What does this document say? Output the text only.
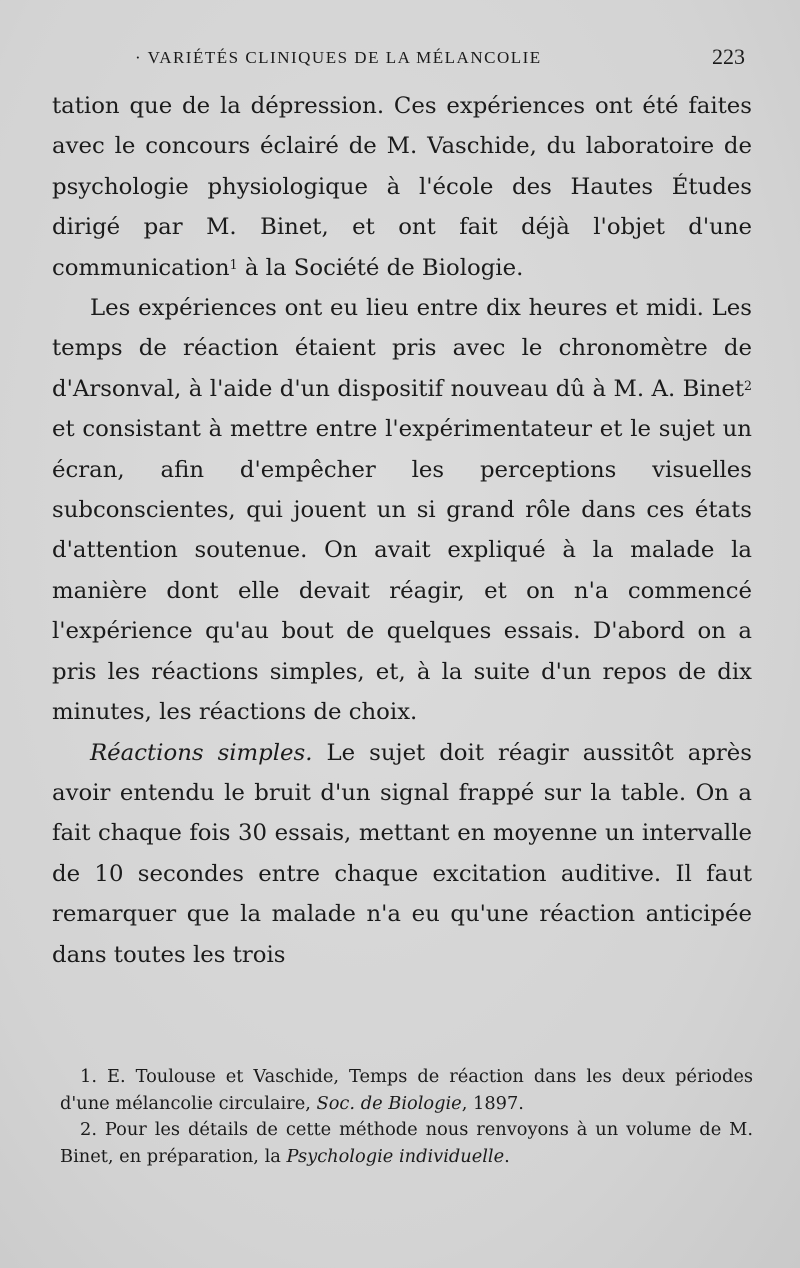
· VARIÉTÉS CLINIQUES DE LA MÉLANCOLIE	223

tation que de la dépression. Ces expériences ont été faites avec le concours éclairé de M. Vaschide, du laboratoire de psychologie physiologique à l'école des Hautes Études dirigé par M. Binet, et ont fait déjà l'objet d'une communication$^1$ à la Société de Biologie.

Les expériences ont eu lieu entre dix heures et midi. Les temps de réaction étaient pris avec le chronomètre de d'Arsonval, à l'aide d'un dispositif nouveau dû à M. A. Binet$^2$ et consistant à mettre entre l'expérimentateur et le sujet un écran, afin d'empêcher les perceptions visuelles subconscientes, qui jouent un si grand rôle dans ces états d'attention soutenue. On avait expliqué à la malade la manière dont elle devait réagir, et on n'a commencé l'expérience qu'au bout de quelques essais. D'abord on a pris les réactions simples, et, à la suite d'un repos de dix minutes, les réactions de choix.

Réactions simples. Le sujet doit réagir aussitôt après avoir entendu le bruit d'un signal frappé sur la table. On a fait chaque fois 30 essais, mettant en moyenne un intervalle de 10 secondes entre chaque excitation auditive. Il faut remarquer que la malade n'a eu qu'une réaction anticipée dans toutes les trois

1. E. Toulouse et Vaschide, Temps de réaction dans les deux périodes d'une mélancolie circulaire, Soc. de Biologie, 1897.

2. Pour les détails de cette méthode nous renvoyons à un volume de M. Binet, en préparation, la Psychologie individuelle.
